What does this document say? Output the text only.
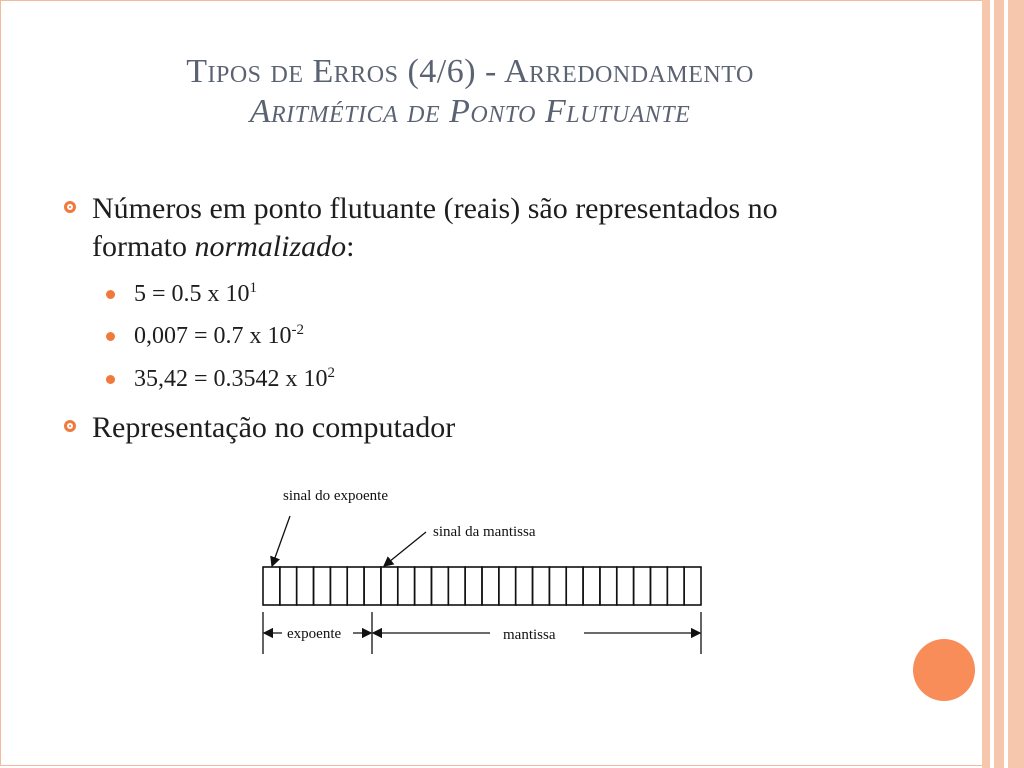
Tipos de Erros (4/6) - Arredondamento
Aritmética de Ponto Flutuante
Números em ponto flutuante (reais) são representados no formato normalizado:
5 = 0.5 x $10^1$
0,007 = 0.7 x $10^{-2}$
35,42 = 0.3542 x $10^2$
Representação no computador
sinal do expoente
sinal da mantissa
expoente	mantissa
